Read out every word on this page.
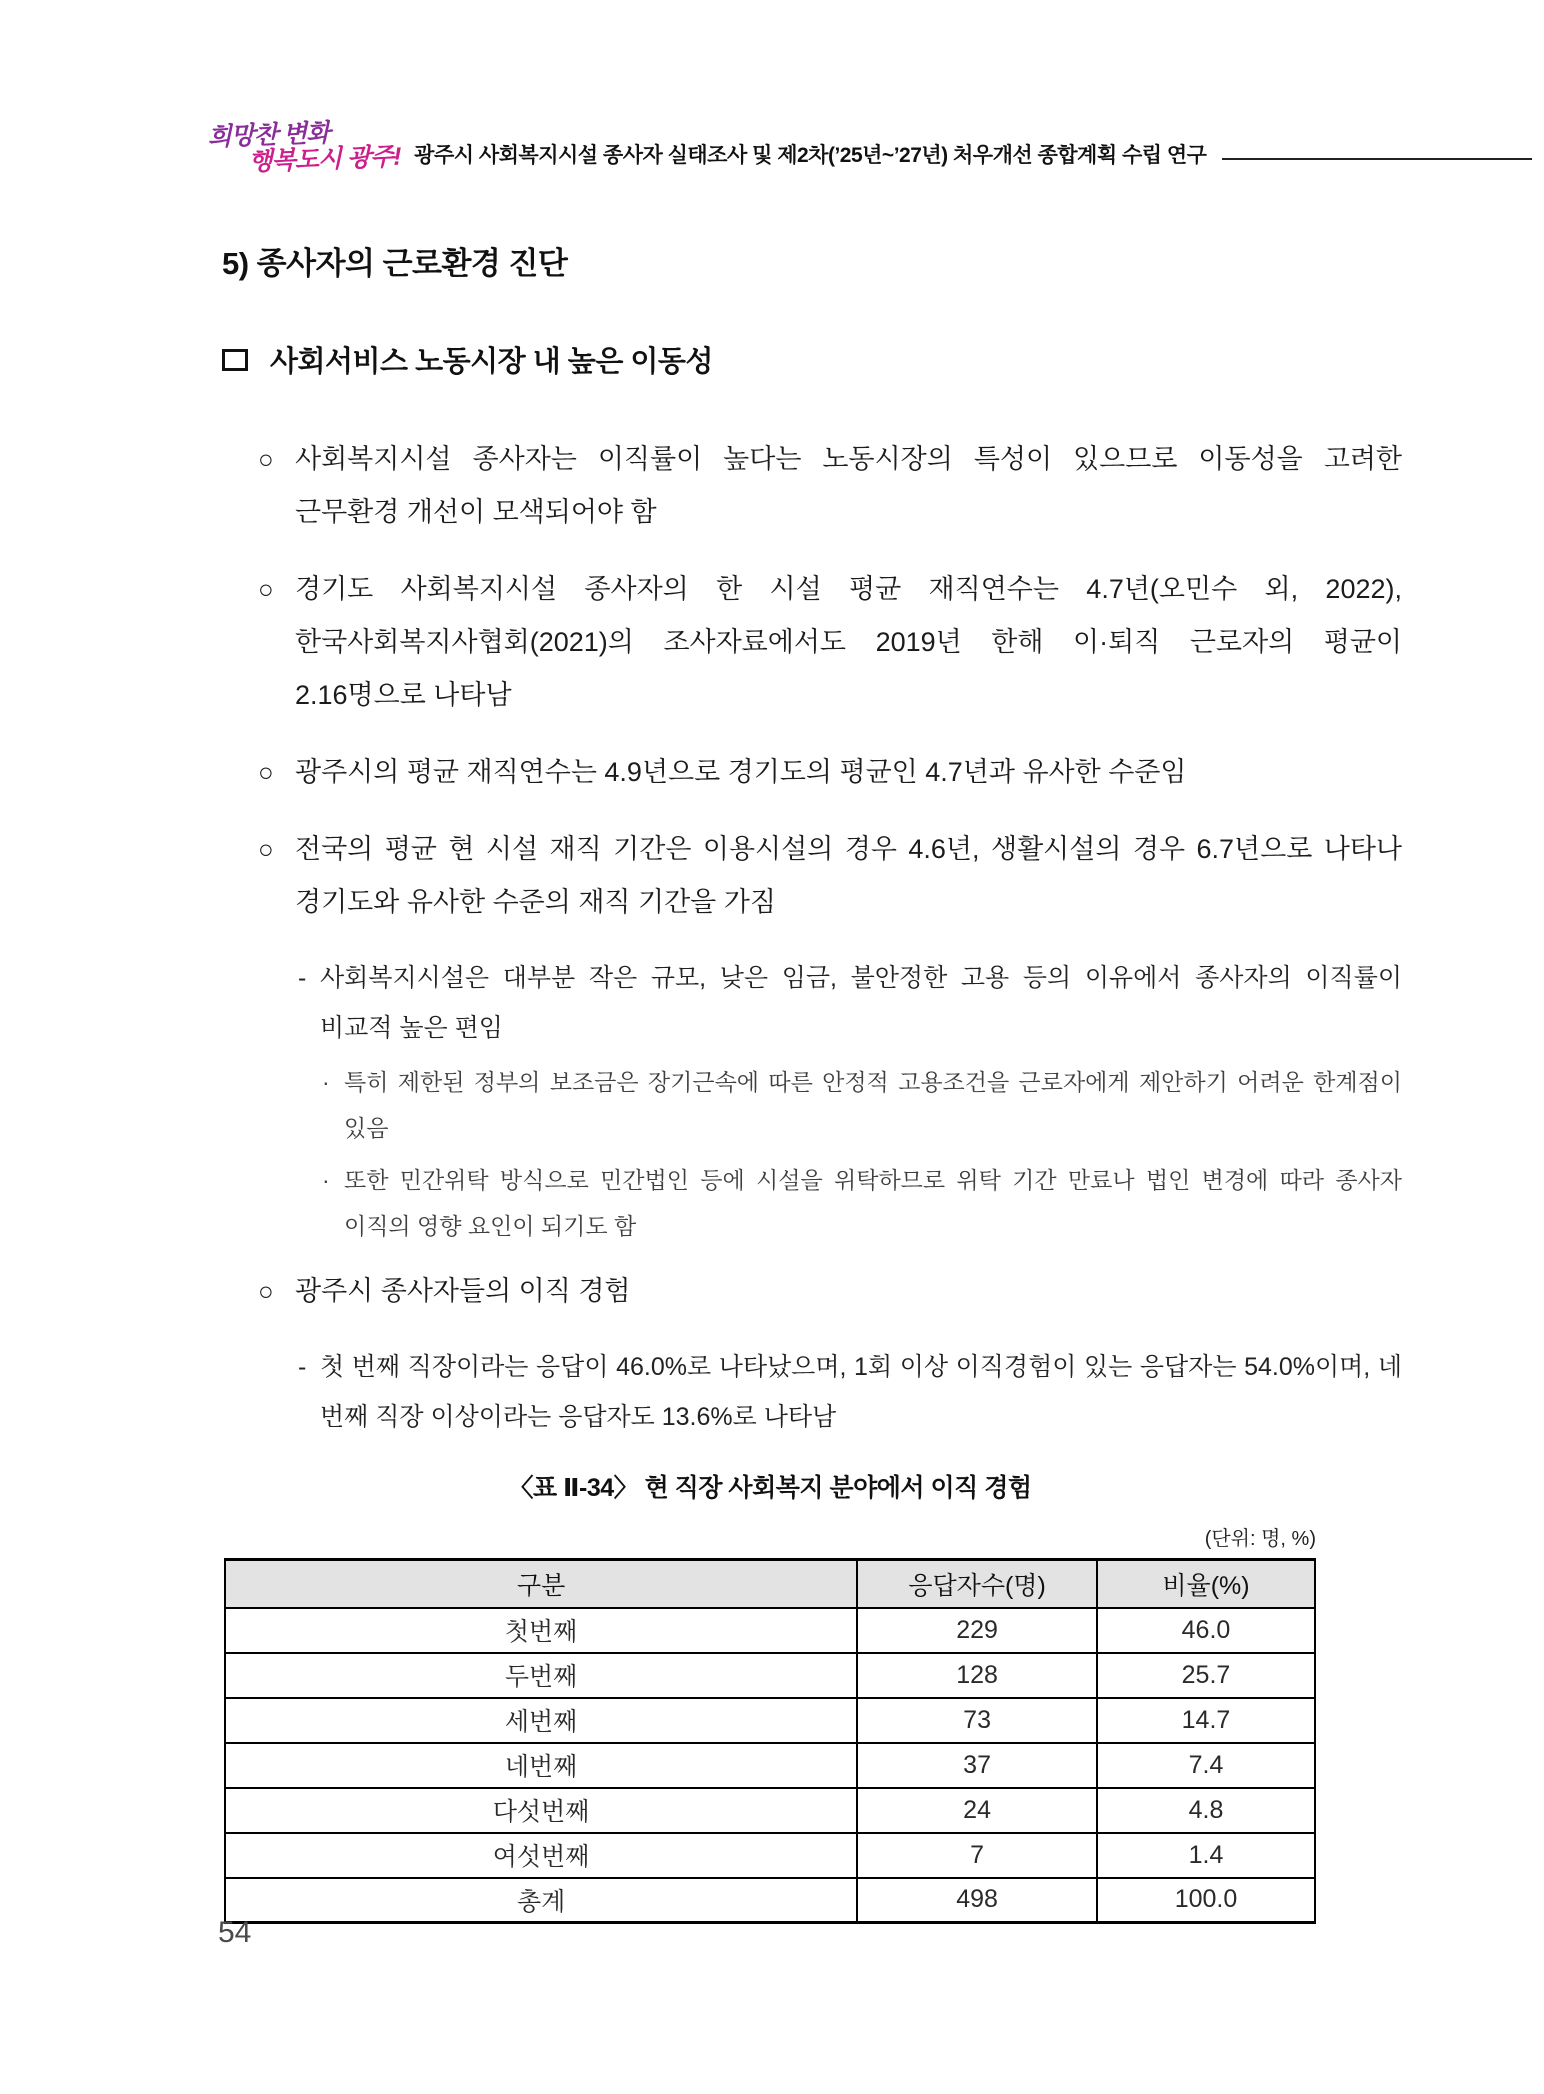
희망찬 변화
행복도시 광주! 광주시 사회복지시설 종사자 실태조사 및 제2차(’25년~’27년) 처우개선 종합계획 수립 연구
5) 종사자의 근로환경 진단
사회서비스 노동시장 내 높은 이동성
○ 사회복지시설 종사자는 이직률이 높다는 노동시장의 특성이 있으므로 이동성을 고려한 근무환경 개선이 모색되어야 함
○ 경기도 사회복지시설 종사자의 한 시설 평균 재직연수는 4.7년(오민수 외, 2022), 한국사회복지사협회(2021)의 조사자료에서도 2019년 한해 이·퇴직 근로자의 평균이 2.16명으로 나타남
○ 광주시의 평균 재직연수는 4.9년으로 경기도의 평균인 4.7년과 유사한 수준임
○ 전국의 평균 현 시설 재직 기간은 이용시설의 경우 4.6년, 생활시설의 경우 6.7년으로 나타나 경기도와 유사한 수준의 재직 기간을 가짐
- 사회복지시설은 대부분 작은 규모, 낮은 임금, 불안정한 고용 등의 이유에서 종사자의 이직률이 비교적 높은 편임
· 특히 제한된 정부의 보조금은 장기근속에 따른 안정적 고용조건을 근로자에게 제안하기 어려운 한계점이 있음
· 또한 민간위탁 방식으로 민간법인 등에 시설을 위탁하므로 위탁 기간 만료나 법인 변경에 따라 종사자 이직의 영향 요인이 되기도 함
○ 광주시 종사자들의 이직 경험
- 첫 번째 직장이라는 응답이 46.0%로 나타났으며, 1회 이상 이직경험이 있는 응답자는 54.0%이며, 네 번째 직장 이상이라는 응답자도 13.6%로 나타남
〈표 Ⅱ-34〉 현 직장 사회복지 분야에서 이직 경험
(단위: 명, %)
구분	응답자수(명)	비율(%)
첫번째	229	46.0
두번째	128	25.7
세번째	73	14.7
네번째	37	7.4
다섯번째	24	4.8
여섯번째	7	1.4
총계	498	100.0
54
